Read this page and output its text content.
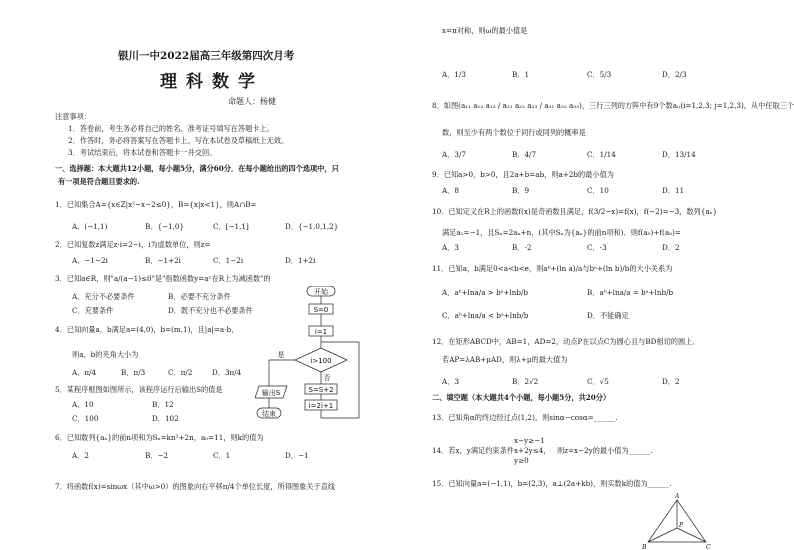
银川一中2022届高三年级第四次月考
理科数学
命题人：杨健
注意事项：
1．答卷前，考生务必将自己的姓名、准考证号填写在答题卡上。
2．作答时，务必将答案写在答题卡上。写在本试卷及草稿纸上无效。
3．考试结束后，将本试卷和答题卡一并交回。
一、选择题：本大题共12小题，每小题5分，满分60分．在每小题给出的四个选项中，只
有一项是符合题目要求的.
1．已知集合A={x∈Z|x²−x−2≤0}，B={x|x<1}，则A∩B=
A．(−1,1)	B．{−1,0}	C．[−1,1]	D．{−1,0,1,2}
2．已知复数z满足z·i=2−i，i为虚数单位，则z=
A．−1−2i	B．−1+2i	C．1−2i	D．1+2i
3．已知a∈R，则"a/(a−1)≤0"是"指数函数y=aˣ在R上为减函数"的
A．充分不必要条件	B．必要不充分条件
C．充要条件	D．既不充分也不必要条件
4．已知向量a，b满足a=(4,0)，b=(m,1)，且|a|=a·b，
则a，b的夹角大小为
A．π/4	B．π/3	C．π/2	D．3π/4
5．某程序框图如图所示，该程序运行后输出S的值是
A．10	B．12
C．100	D．102
6．已知数列{aₙ}的前n项和为Sₙ=kn²+2n，a₅=11，则k的值为
A．2	B．−2	C．1	D．−1
7．将函数f(x)=sinωx（其中ω>0）的图象向右平移π/4个单位长度，所得图象关于直线
开始
S=0
i=1
i>100
是
否
输出S
结束
S=S+2
i=2i+1
x=π对称，则ω的最小值是
A．1/3	B．1	C．5/3	D．2/3
8．如图(a₁₁ a₁₂ a₁₃ / a₂₁ a₂₂ a₂₃ / a₃₁ a₃₂ a₃₃)，三行三列的方阵中有9个数aᵢⱼ(i=1,2,3; j=1,2,3)，从中任取三个
数，则至少有两个数位于同行或同列的概率是
A．3/7	B．4/7	C．1/14	D．13/14
9．已知a>0，b>0，且2a+b=ab，则a+2b的最小值为
A．8	B．9	C．10	D．11
10．已知定义在R上的函数f(x)是奇函数且满足，f(3/2−x)=f(x)，f(−2)=−3，数列{aₙ}
满足a₁=−1，且Sₙ=2aₙ+n，(其中Sₙ为{aₙ}的前n项和)．则f(a₅)+f(a₆)=
A．3	B．-2	C．-3	D．2
11．已知a，b满足0<a<b<e，则aᵇ+(ln a)/a与bᵃ+(ln b)/b的大小关系为
A．aᵇ+lna/a > bᵃ+lnb/b	B．aᵇ+lna/a = bᵃ+lnb/b
C．aᵇ+lna/a < bᵃ+lnb/b	D．不能确定
12．在矩形ABCD中，AB=1，AD=2，动点P在以点C为圆心且与BD相切的圆上．
若AP=λAB+μAD，则λ+μ的最大值为
A．3	B．2√2	C．√5	D．2
二、填空题（本大题共4个小题，每小题5分，共20分）
13．已知角α的终边经过点(1,2)，则sinα−cosα=______.
14．若x，y满足约束条件
x−y≥−1
x+2y≤4，
y≥0
则z=x−2y的最小值为______.
15．已知向量a=(−1,1)，b=(2,3)，a⊥(2a+kb)，则实数k的值为______.
A
B	C
P
